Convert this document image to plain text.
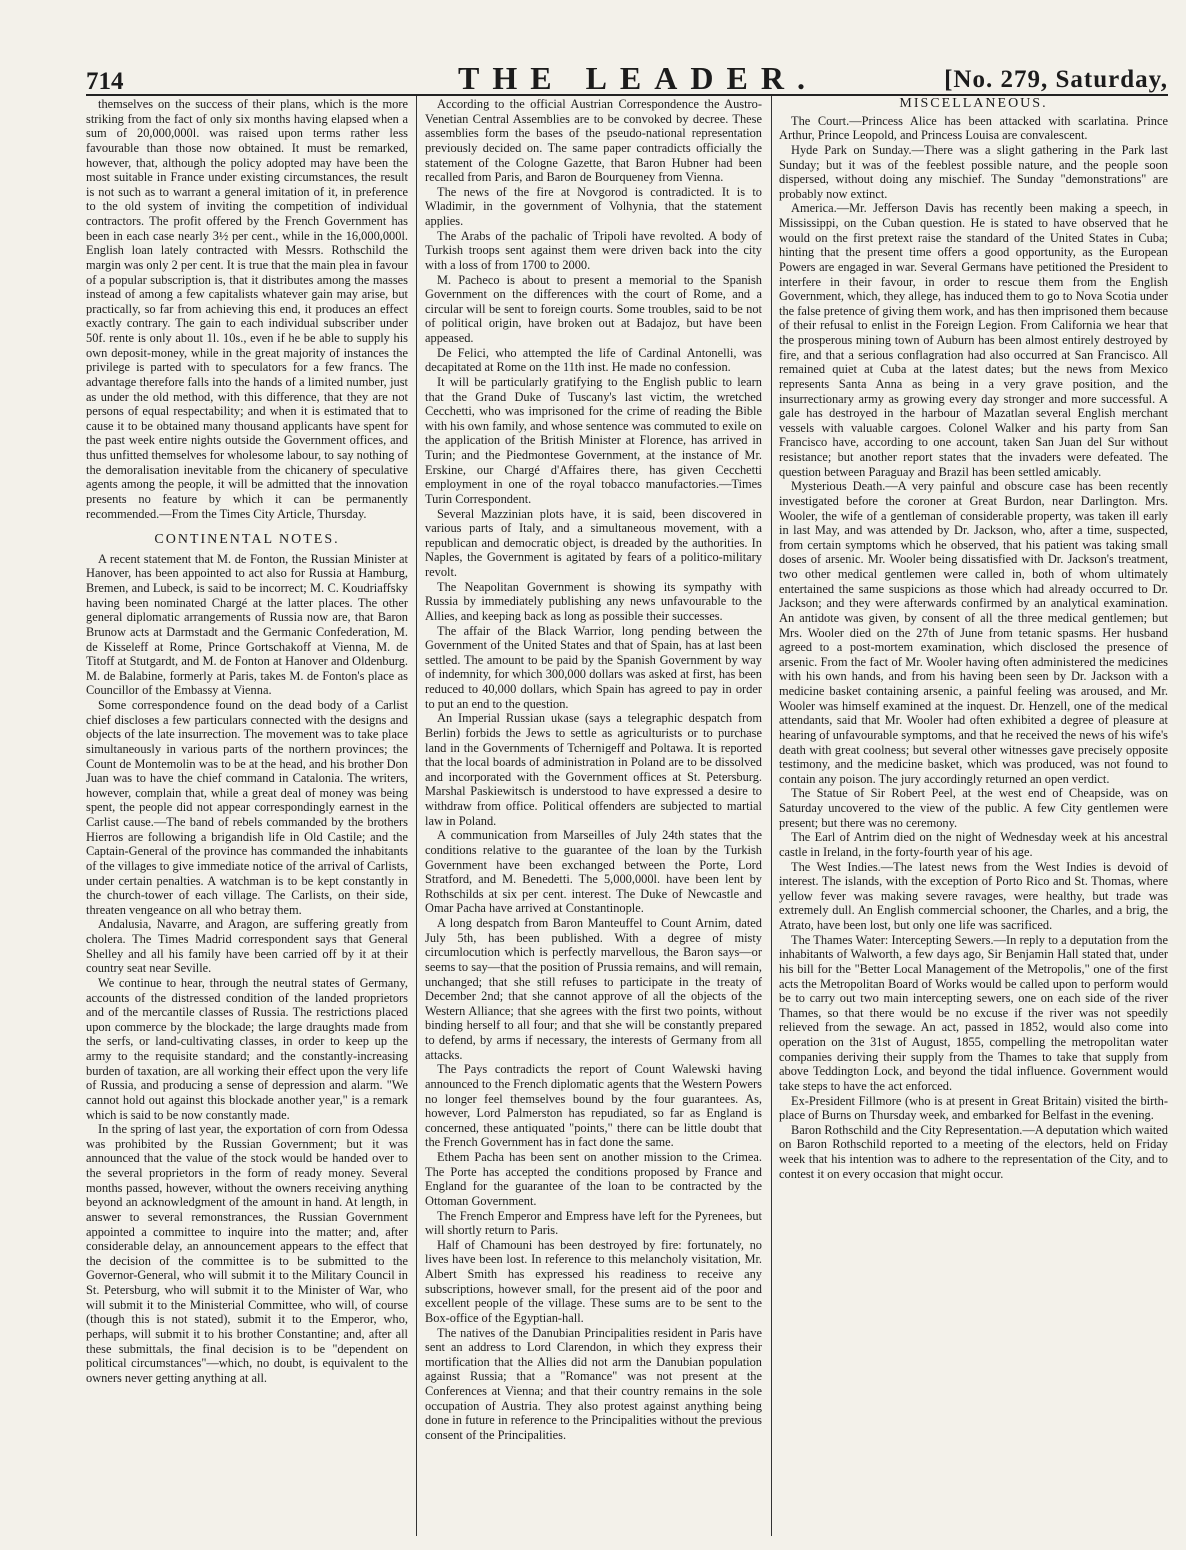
714	THE LEADER.	[No. 279, Saturday,

themselves on the success of their plans, which is the more striking from the fact of only six months having elapsed when a sum of 20,000,000l. was raised upon terms rather less favourable than those now obtained. It must be remarked, however, that, although the policy adopted may have been the most suitable in France under existing circumstances, the result is not such as to warrant a general imitation of it, in preference to the old system of inviting the competition of individual contractors. The profit offered by the French Government has been in each case nearly 3½ per cent., while in the 16,000,000l. English loan lately contracted with Messrs. Rothschild the margin was only 2 per cent. It is true that the main plea in favour of a popular subscription is, that it distributes among the masses instead of among a few capitalists whatever gain may arise, but practically, so far from achieving this end, it produces an effect exactly contrary. The gain to each individual subscriber under 50f. rente is only about 1l. 10s., even if he be able to supply his own deposit-money, while in the great majority of instances the privilege is parted with to speculators for a few francs. The advantage therefore falls into the hands of a limited number, just as under the old method, with this difference, that they are not persons of equal respectability; and when it is estimated that to cause it to be obtained many thousand applicants have spent for the past week entire nights outside the Government offices, and thus unfitted themselves for wholesome labour, to say nothing of the demoralisation inevitable from the chicanery of speculative agents among the people, it will be admitted that the innovation presents no feature by which it can be permanently recommended.—From the Times City Article, Thursday.

CONTINENTAL NOTES.

A recent statement that M. de Fonton, the Russian Minister at Hanover, has been appointed to act also for Russia at Hamburg, Bremen, and Lubeck, is said to be incorrect; M. C. Koudriaffsky having been nominated Chargé at the latter places. The other general diplomatic arrangements of Russia now are, that Baron Brunow acts at Darmstadt and the Germanic Confederation, M. de Kisseleff at Rome, Prince Gortschakoff at Vienna, M. de Titoff at Stutgardt, and M. de Fonton at Hanover and Oldenburg. M. de Balabine, formerly at Paris, takes M. de Fonton's place as Councillor of the Embassy at Vienna.

Some correspondence found on the dead body of a Carlist chief discloses a few particulars connected with the designs and objects of the late insurrection. The movement was to take place simultaneously in various parts of the northern provinces; the Count de Montemolin was to be at the head, and his brother Don Juan was to have the chief command in Catalonia. The writers, however, complain that, while a great deal of money was being spent, the people did not appear correspondingly earnest in the Carlist cause.—The band of rebels commanded by the brothers Hierros are following a brigandish life in Old Castile; and the Captain-General of the province has commanded the inhabitants of the villages to give immediate notice of the arrival of Carlists, under certain penalties. A watchman is to be kept constantly in the church-tower of each village. The Carlists, on their side, threaten vengeance on all who betray them.

Andalusia, Navarre, and Aragon, are suffering greatly from cholera. The Times Madrid correspondent says that General Shelley and all his family have been carried off by it at their country seat near Seville.

We continue to hear, through the neutral states of Germany, accounts of the distressed condition of the landed proprietors and of the mercantile classes of Russia. The restrictions placed upon commerce by the blockade; the large draughts made from the serfs, or land-cultivating classes, in order to keep up the army to the requisite standard; and the constantly-increasing burden of taxation, are all working their effect upon the very life of Russia, and producing a sense of depression and alarm. "We cannot hold out against this blockade another year," is a remark which is said to be now constantly made.

In the spring of last year, the exportation of corn from Odessa was prohibited by the Russian Government; but it was announced that the value of the stock would be handed over to the several proprietors in the form of ready money. Several months passed, however, without the owners receiving anything beyond an acknowledgment of the amount in hand. At length, in answer to several remonstrances, the Russian Government appointed a committee to inquire into the matter; and, after considerable delay, an announcement appears to the effect that the decision of the committee is to be submitted to the Governor-General, who will submit it to the Military Council in St. Petersburg, who will submit it to the Minister of War, who will submit it to the Ministerial Committee, who will, of course (though this is not stated), submit it to the Emperor, who, perhaps, will submit it to his brother Constantine; and, after all these submittals, the final decision is to be "dependent on political circumstances"—which, no doubt, is equivalent to the owners never getting anything at all.

According to the official Austrian Correspondence the Austro-Venetian Central Assemblies are to be convoked by decree. These assemblies form the bases of the pseudo-national representation previously decided on. The same paper contradicts officially the statement of the Cologne Gazette, that Baron Hubner had been recalled from Paris, and Baron de Bourqueney from Vienna.

The news of the fire at Novgorod is contradicted. It is to Wladimir, in the government of Volhynia, that the statement applies.

The Arabs of the pachalic of Tripoli have revolted. A body of Turkish troops sent against them were driven back into the city with a loss of from 1700 to 2000.

M. Pacheco is about to present a memorial to the Spanish Government on the differences with the court of Rome, and a circular will be sent to foreign courts. Some troubles, said to be not of political origin, have broken out at Badajoz, but have been appeased.

De Felici, who attempted the life of Cardinal Antonelli, was decapitated at Rome on the 11th inst. He made no confession.

It will be particularly gratifying to the English public to learn that the Grand Duke of Tuscany's last victim, the wretched Cecchetti, who was imprisoned for the crime of reading the Bible with his own family, and whose sentence was commuted to exile on the application of the British Minister at Florence, has arrived in Turin; and the Piedmontese Government, at the instance of Mr. Erskine, our Chargé d'Affaires there, has given Cecchetti employment in one of the royal tobacco manufactories.—Times Turin Correspondent.

Several Mazzinian plots have, it is said, been discovered in various parts of Italy, and a simultaneous movement, with a republican and democratic object, is dreaded by the authorities. In Naples, the Government is agitated by fears of a politico-military revolt.

The Neapolitan Government is showing its sympathy with Russia by immediately publishing any news unfavourable to the Allies, and keeping back as long as possible their successes.

The affair of the Black Warrior, long pending between the Government of the United States and that of Spain, has at last been settled. The amount to be paid by the Spanish Government by way of indemnity, for which 300,000 dollars was asked at first, has been reduced to 40,000 dollars, which Spain has agreed to pay in order to put an end to the question.

An Imperial Russian ukase (says a telegraphic despatch from Berlin) forbids the Jews to settle as agriculturists or to purchase land in the Governments of Tchernigeff and Poltawa. It is reported that the local boards of administration in Poland are to be dissolved and incorporated with the Government offices at St. Petersburg. Marshal Paskiewitsch is understood to have expressed a desire to withdraw from office. Political offenders are subjected to martial law in Poland.

A communication from Marseilles of July 24th states that the conditions relative to the guarantee of the loan by the Turkish Government have been exchanged between the Porte, Lord Stratford, and M. Benedetti. The 5,000,000l. have been lent by Rothschilds at six per cent. interest. The Duke of Newcastle and Omar Pacha have arrived at Constantinople.

A long despatch from Baron Manteuffel to Count Arnim, dated July 5th, has been published. With a degree of misty circumlocution which is perfectly marvellous, the Baron says—or seems to say—that the position of Prussia remains, and will remain, unchanged; that she still refuses to participate in the treaty of December 2nd; that she cannot approve of all the objects of the Western Alliance; that she agrees with the first two points, without binding herself to all four; and that she will be constantly prepared to defend, by arms if necessary, the interests of Germany from all attacks.

The Pays contradicts the report of Count Walewski having announced to the French diplomatic agents that the Western Powers no longer feel themselves bound by the four guarantees. As, however, Lord Palmerston has repudiated, so far as England is concerned, these antiquated "points," there can be little doubt that the French Government has in fact done the same.

Ethem Pacha has been sent on another mission to the Crimea. The Porte has accepted the conditions proposed by France and England for the guarantee of the loan to be contracted by the Ottoman Government.

The French Emperor and Empress have left for the Pyrenees, but will shortly return to Paris.

Half of Chamouni has been destroyed by fire: fortunately, no lives have been lost. In reference to this melancholy visitation, Mr. Albert Smith has expressed his readiness to receive any subscriptions, however small, for the present aid of the poor and excellent people of the village. These sums are to be sent to the Box-office of the Egyptian-hall.

The natives of the Danubian Principalities resident in Paris have sent an address to Lord Clarendon, in which they express their mortification that the Allies did not arm the Danubian population against Russia; that a "Romance" was not present at the Conferences at Vienna; and that their country remains in the sole occupation of Austria. They also protest against anything being done in future in reference to the Principalities without the previous consent of the Principalities.

MISCELLANEOUS.

The Court.—Princess Alice has been attacked with scarlatina. Prince Arthur, Prince Leopold, and Princess Louisa are convalescent.

Hyde Park on Sunday.—There was a slight gathering in the Park last Sunday; but it was of the feeblest possible nature, and the people soon dispersed, without doing any mischief. The Sunday "demonstrations" are probably now extinct.

America.—Mr. Jefferson Davis has recently been making a speech, in Mississippi, on the Cuban question. He is stated to have observed that he would on the first pretext raise the standard of the United States in Cuba; hinting that the present time offers a good opportunity, as the European Powers are engaged in war. Several Germans have petitioned the President to interfere in their favour, in order to rescue them from the English Government, which, they allege, has induced them to go to Nova Scotia under the false pretence of giving them work, and has then imprisoned them because of their refusal to enlist in the Foreign Legion. From California we hear that the prosperous mining town of Auburn has been almost entirely destroyed by fire, and that a serious conflagration had also occurred at San Francisco. All remained quiet at Cuba at the latest dates; but the news from Mexico represents Santa Anna as being in a very grave position, and the insurrectionary army as growing every day stronger and more successful. A gale has destroyed in the harbour of Mazatlan several English merchant vessels with valuable cargoes. Colonel Walker and his party from San Francisco have, according to one account, taken San Juan del Sur without resistance; but another report states that the invaders were defeated. The question between Paraguay and Brazil has been settled amicably.

Mysterious Death.—A very painful and obscure case has been recently investigated before the coroner at Great Burdon, near Darlington. Mrs. Wooler, the wife of a gentleman of considerable property, was taken ill early in last May, and was attended by Dr. Jackson, who, after a time, suspected, from certain symptoms which he observed, that his patient was taking small doses of arsenic. Mr. Wooler being dissatisfied with Dr. Jackson's treatment, two other medical gentlemen were called in, both of whom ultimately entertained the same suspicions as those which had already occurred to Dr. Jackson; and they were afterwards confirmed by an analytical examination. An antidote was given, by consent of all the three medical gentlemen; but Mrs. Wooler died on the 27th of June from tetanic spasms. Her husband agreed to a post-mortem examination, which disclosed the presence of arsenic. From the fact of Mr. Wooler having often administered the medicines with his own hands, and from his having been seen by Dr. Jackson with a medicine basket containing arsenic, a painful feeling was aroused, and Mr. Wooler was himself examined at the inquest. Dr. Henzell, one of the medical attendants, said that Mr. Wooler had often exhibited a degree of pleasure at hearing of unfavourable symptoms, and that he received the news of his wife's death with great coolness; but several other witnesses gave precisely opposite testimony, and the medicine basket, which was produced, was not found to contain any poison. The jury accordingly returned an open verdict.

The Statue of Sir Robert Peel, at the west end of Cheapside, was on Saturday uncovered to the view of the public. A few City gentlemen were present; but there was no ceremony.

The Earl of Antrim died on the night of Wednesday week at his ancestral castle in Ireland, in the forty-fourth year of his age.

The West Indies.—The latest news from the West Indies is devoid of interest. The islands, with the exception of Porto Rico and St. Thomas, where yellow fever was making severe ravages, were healthy, but trade was extremely dull. An English commercial schooner, the Charles, and a brig, the Atrato, have been lost, but only one life was sacrificed.

The Thames Water: Intercepting Sewers.—In reply to a deputation from the inhabitants of Walworth, a few days ago, Sir Benjamin Hall stated that, under his bill for the "Better Local Management of the Metropolis," one of the first acts the Metropolitan Board of Works would be called upon to perform would be to carry out two main intercepting sewers, one on each side of the river Thames, so that there would be no excuse if the river was not speedily relieved from the sewage. An act, passed in 1852, would also come into operation on the 31st of August, 1855, compelling the metropolitan water companies deriving their supply from the Thames to take that supply from above Teddington Lock, and beyond the tidal influence. Government would take steps to have the act enforced.

Ex-President Fillmore (who is at present in Great Britain) visited the birth-place of Burns on Thursday week, and embarked for Belfast in the evening.

Baron Rothschild and the City Representation.—A deputation which waited on Baron Rothschild reported to a meeting of the electors, held on Friday week that his intention was to adhere to the representation of the City, and to contest it on every occasion that might occur.
